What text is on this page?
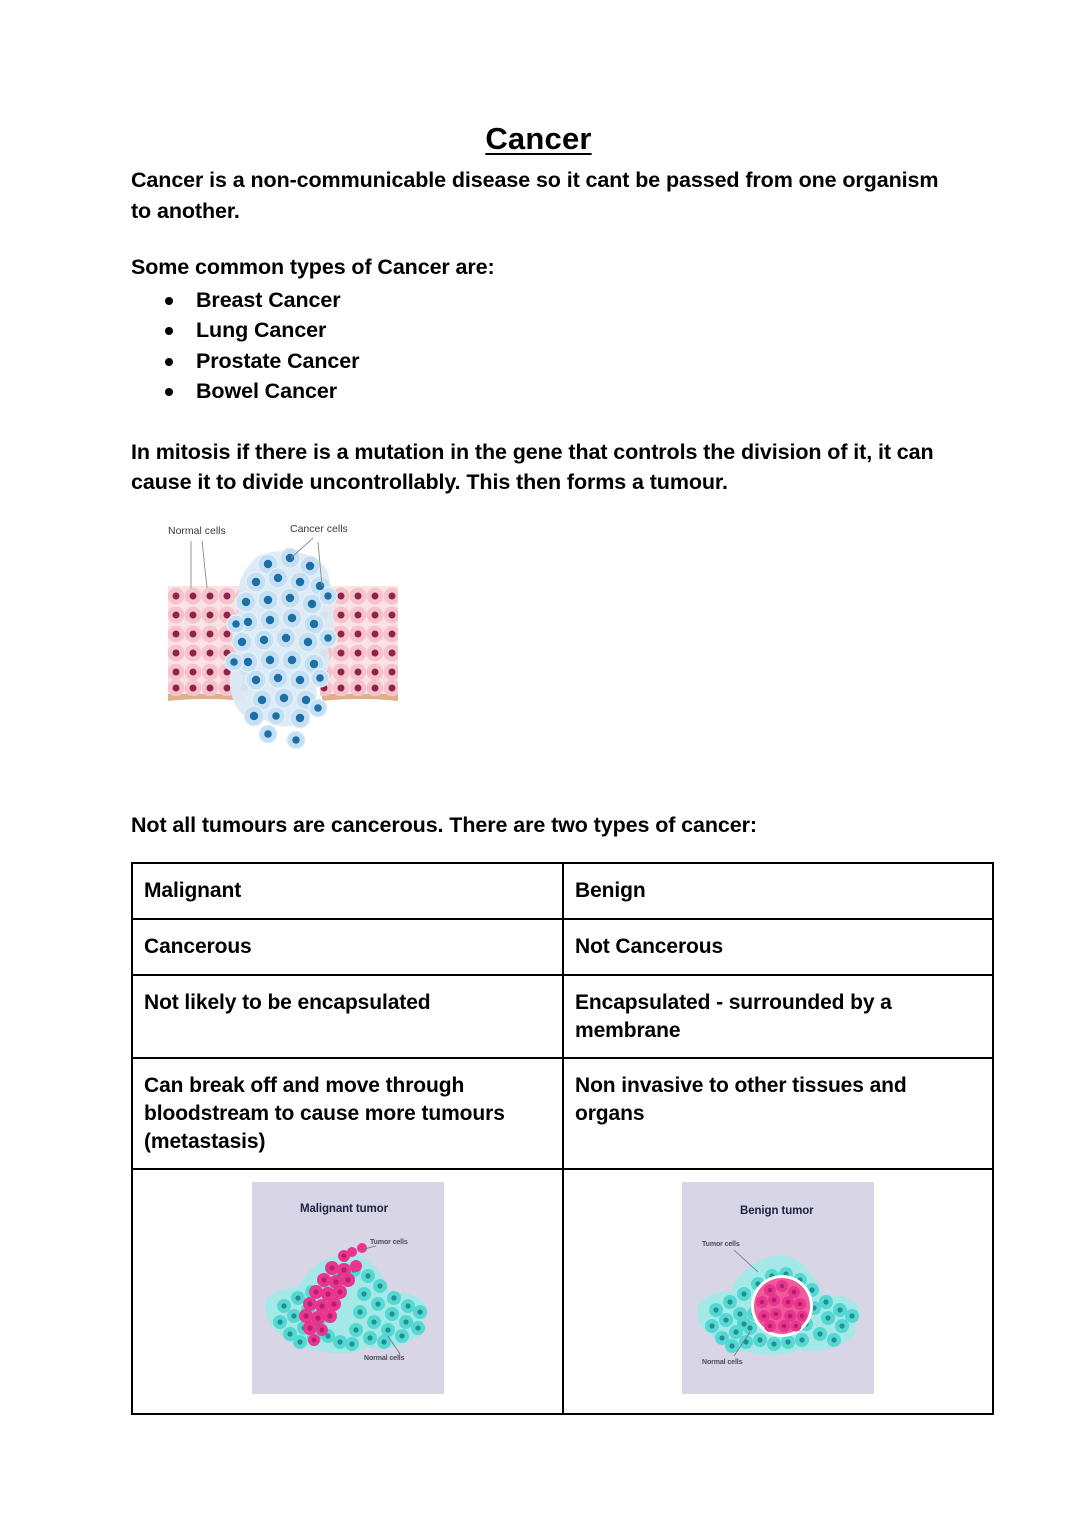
Cancer

Cancer is a non-communicable disease so it cant be passed from one organism to another.

Some common types of Cancer are:

Breast Cancer
Lung Cancer
Prostate Cancer
Bowel Cancer

In mitosis if there is a mutation in the gene that controls the division of it, it can cause it to divide uncontrollably. This then forms a tumour.

Normal cells	Cancer cells

Not all tumours are cancerous. There are two types of cancer:

Malignant	Benign
Cancerous	Not Cancerous
Not likely to be encapsulated	Encapsulated - surrounded by a membrane
Can break off and move through bloodstream to cause more tumours (metastasis)	Non invasive to other tissues and organs

Tumor cells
Normal cells
Malignant tumor	Tumor cells
Normal cells
Benign tumor
